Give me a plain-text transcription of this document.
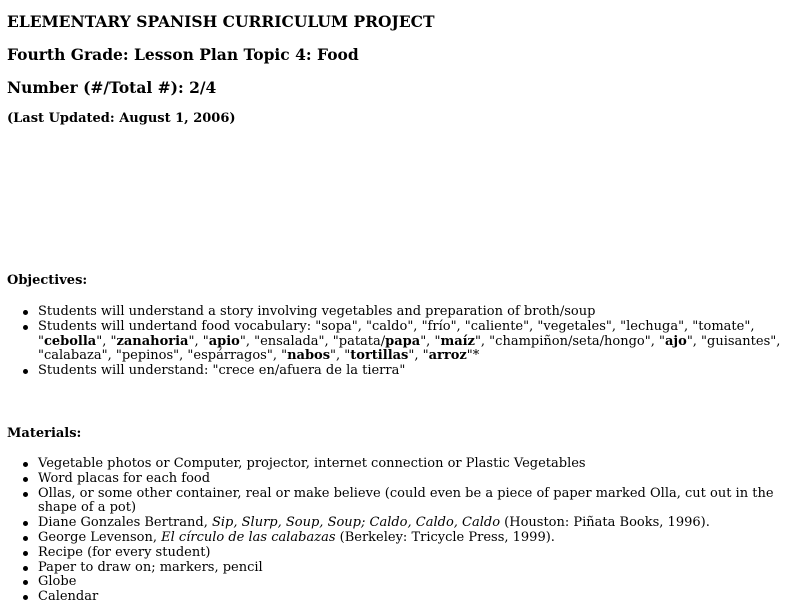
ELEMENTARY SPANISH CURRICULUM PROJECT
Fourth Grade: Lesson Plan Topic 4: Food
Number (#/Total #): 2/4
(Last Updated: August 1, 2006)
Objectives:
Students will understand a story involving vegetables and preparation of broth/soup
Students will undertand food vocabulary: "sopa", "caldo", "frío", "caliente", "vegetales", "lechuga", "tomate", "cebolla", "zanahoria", "apio", "ensalada", "patata/papa", "maíz", "champiñon/seta/hongo", "ajo", "guisantes", "calabaza", "pepinos", "espárragos", "nabos", "tortillas", "arroz"*
Students will understand: "crece en/afuera de la tierra"
Materials:
Vegetable photos or Computer, projector, internet connection or Plastic Vegetables
Word placas for each food
Ollas, or some other container, real or make believe (could even be a piece of paper marked Olla, cut out in the shape of a pot)
Diane Gonzales Bertrand, Sip, Slurp, Soup, Soup; Caldo, Caldo, Caldo (Houston: Piñata Books, 1996).
George Levenson, El círculo de las calabazas (Berkeley: Tricycle Press, 1999).
Recipe (for every student)
Paper to draw on; markers, pencil
Globe
Calendar
